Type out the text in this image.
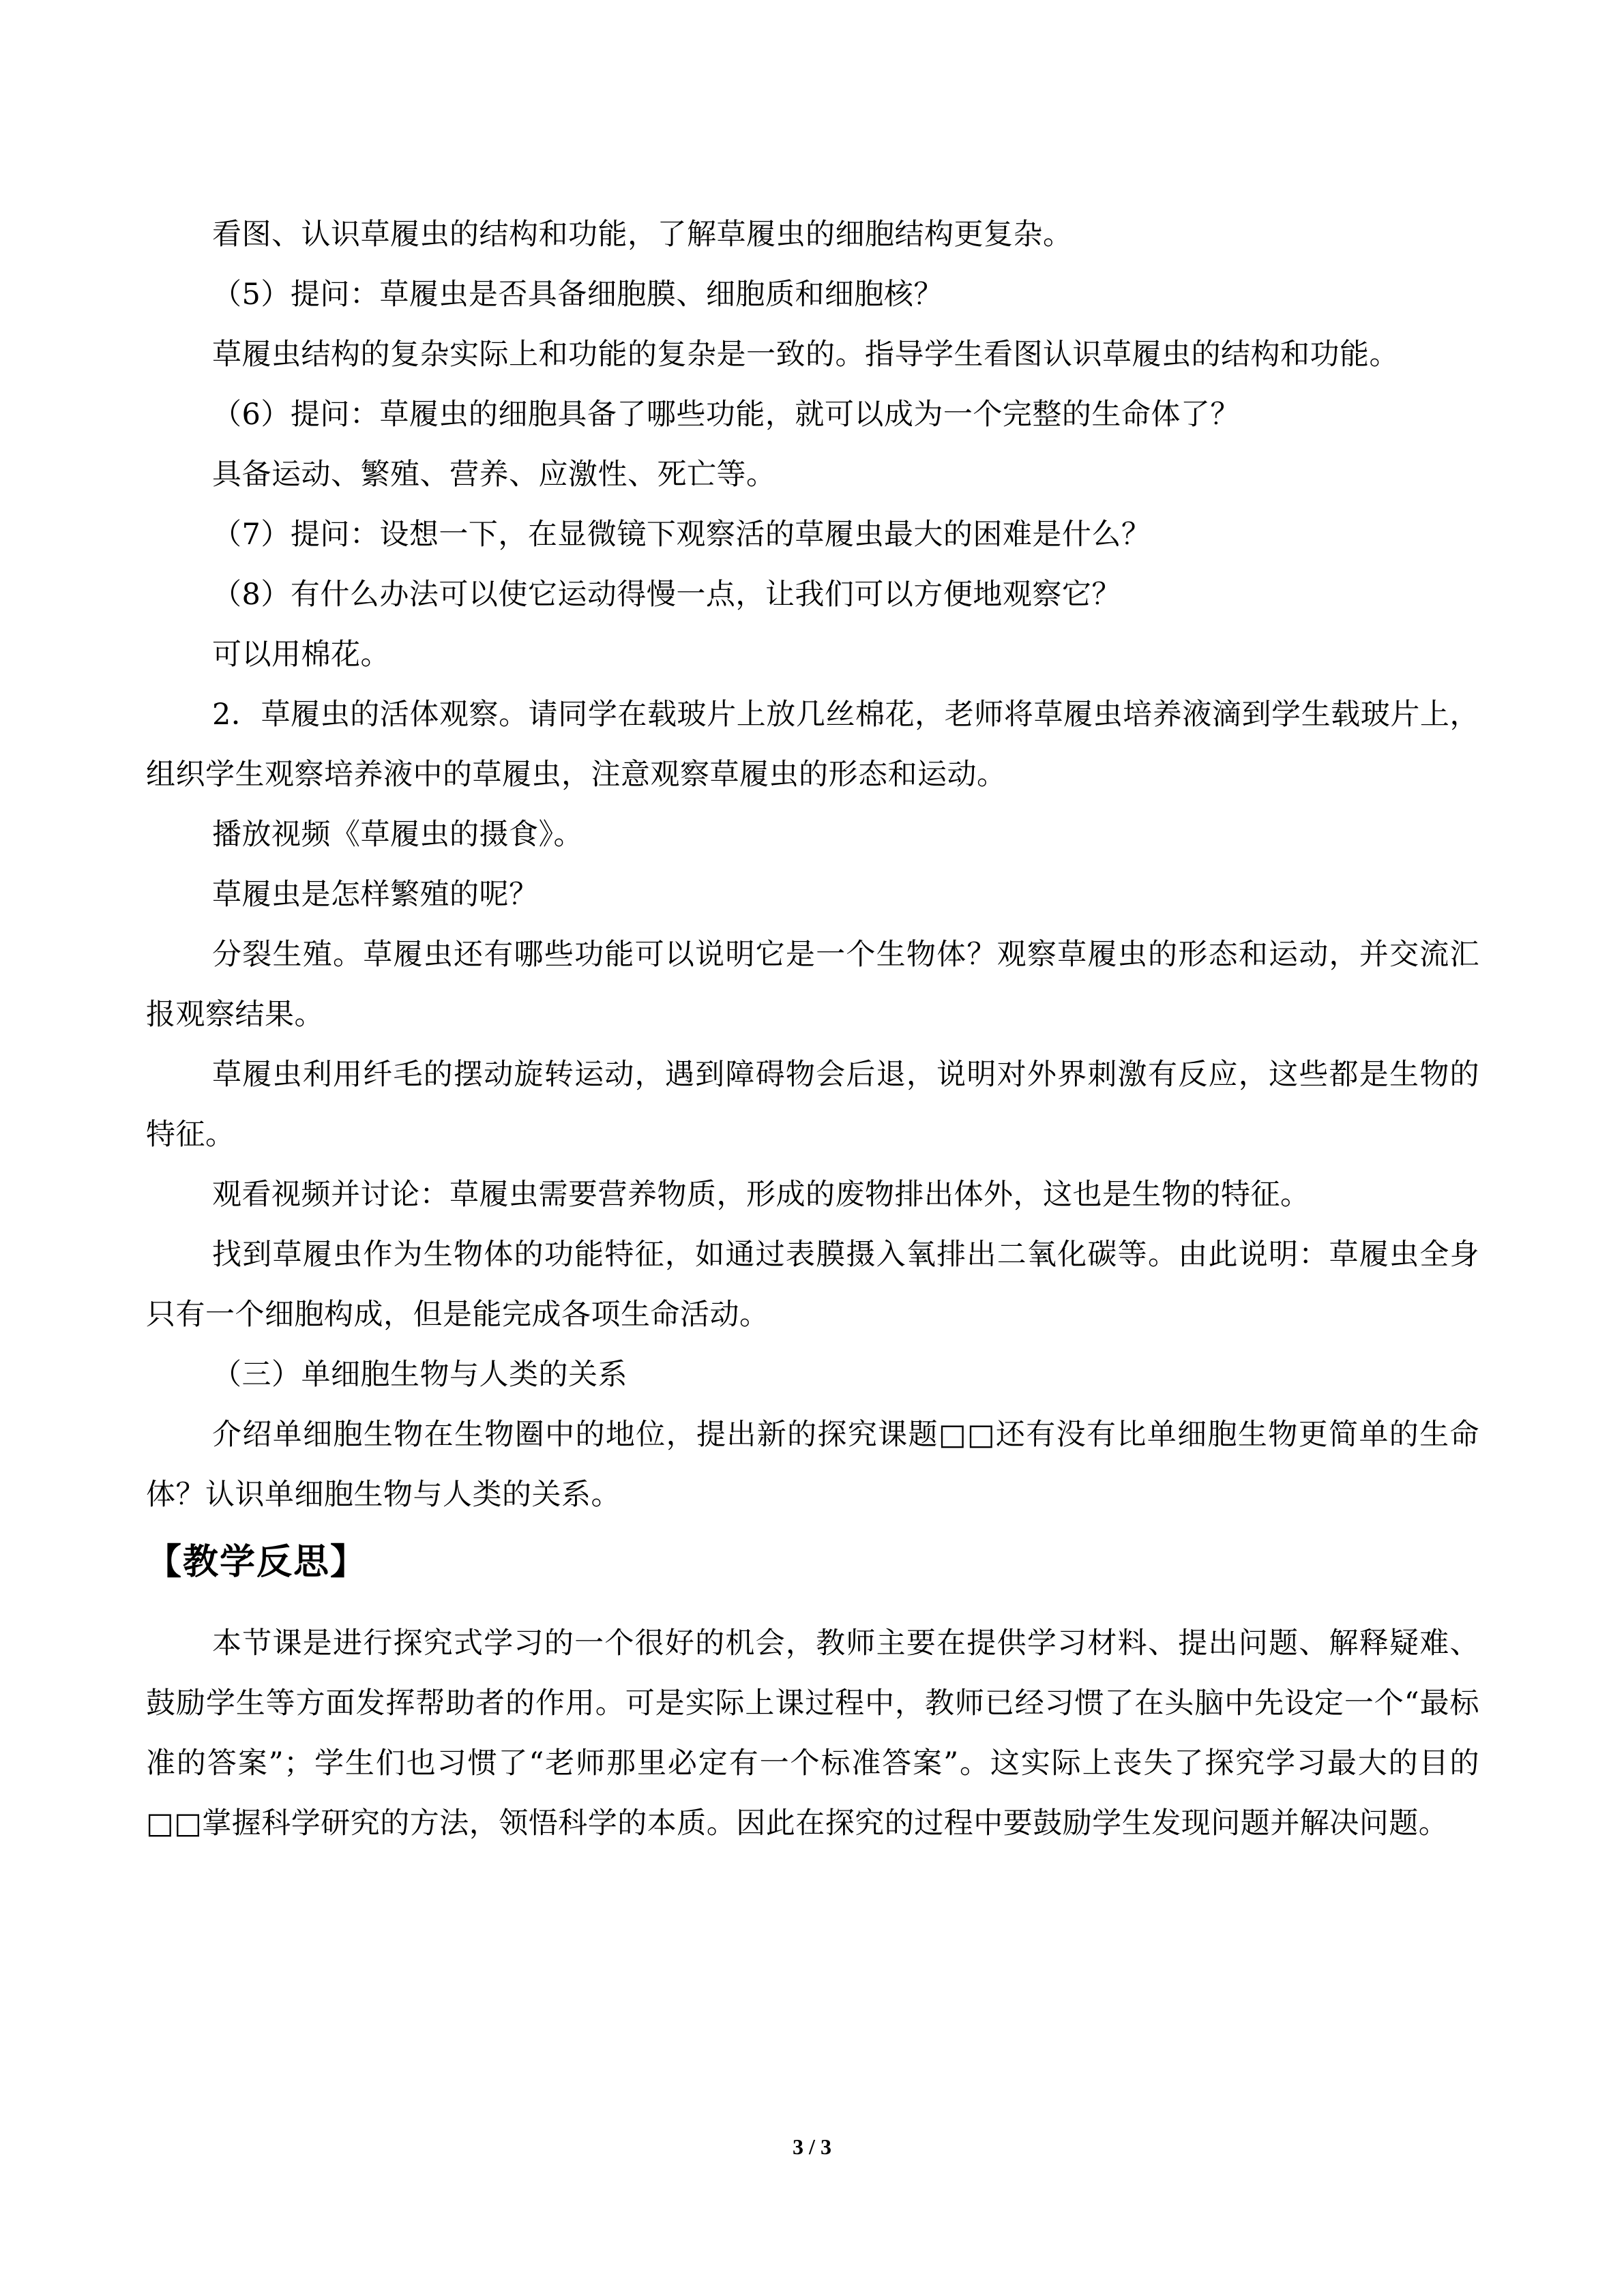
看图、认识草履虫的结构和功能，了解草履虫的细胞结构更复杂。

（5）提问：草履虫是否具备细胞膜、细胞质和细胞核？

草履虫结构的复杂实际上和功能的复杂是一致的。指导学生看图认识草履虫的结构和功能。

（6）提问：草履虫的细胞具备了哪些功能，就可以成为一个完整的生命体了？

具备运动、繁殖、营养、应激性、死亡等。

（7）提问：设想一下，在显微镜下观察活的草履虫最大的困难是什么？

（8）有什么办法可以使它运动得慢一点，让我们可以方便地观察它？

可以用棉花。

2．草履虫的活体观察。请同学在载玻片上放几丝棉花，老师将草履虫培养液滴到学生载玻片上，组织学生观察培养液中的草履虫，注意观察草履虫的形态和运动。

播放视频《草履虫的摄食》。

草履虫是怎样繁殖的呢？

分裂生殖。草履虫还有哪些功能可以说明它是一个生物体？观察草履虫的形态和运动，并交流汇报观察结果。

草履虫利用纤毛的摆动旋转运动，遇到障碍物会后退，说明对外界刺激有反应，这些都是生物的特征。

观看视频并讨论：草履虫需要营养物质，形成的废物排出体外，这也是生物的特征。

找到草履虫作为生物体的功能特征，如通过表膜摄入氧排出二氧化碳等。由此说明：草履虫全身只有一个细胞构成，但是能完成各项生命活动。

（三）单细胞生物与人类的关系

介绍单细胞生物在生物圈中的地位，提出新的探究课题□□还有没有比单细胞生物更简单的生命体？认识单细胞生物与人类的关系。

【教学反思】

本节课是进行探究式学习的一个很好的机会，教师主要在提供学习材料、提出问题、解释疑难、鼓励学生等方面发挥帮助者的作用。可是实际上课过程中，教师已经习惯了在头脑中先设定一个“最标准的答案”；学生们也习惯了“老师那里必定有一个标准答案”。这实际上丧失了探究学习最大的目的□□掌握科学研究的方法，领悟科学的本质。因此在探究的过程中要鼓励学生发现问题并解决问题。

3 / 3
